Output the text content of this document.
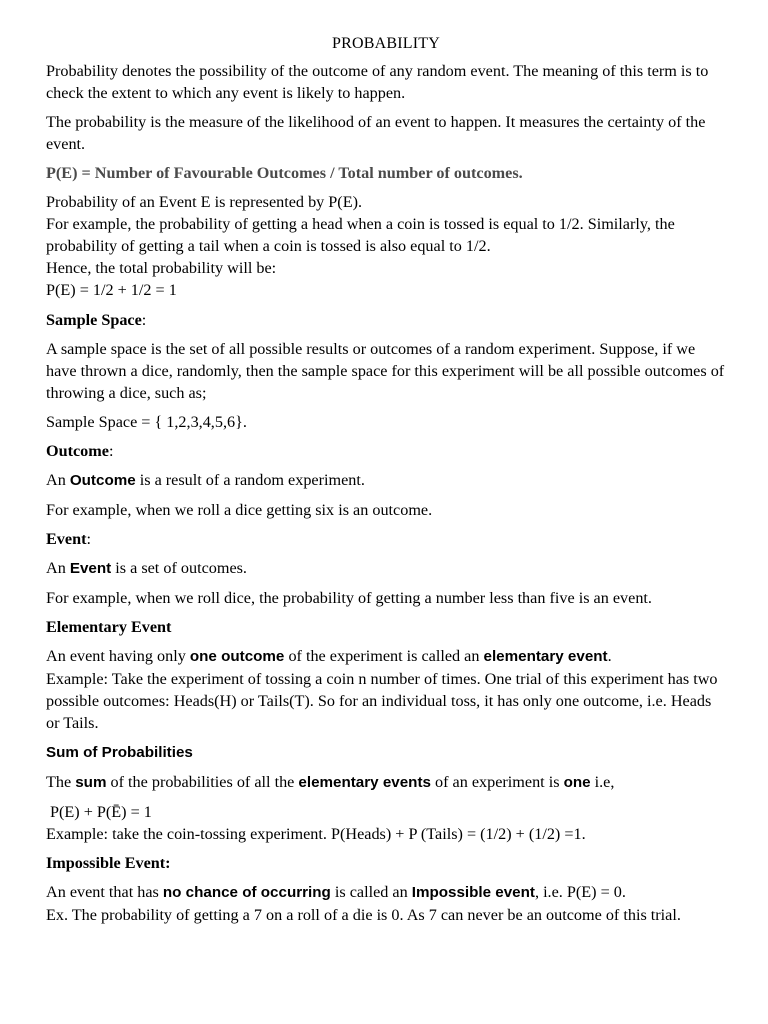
PROBABILITY

Probability denotes the possibility of the outcome of any random event. The meaning of this term is to check the extent to which any event is likely to happen.

The probability is the measure of the likelihood of an event to happen. It measures the certainty of the event.

P(E) = Number of Favourable Outcomes / Total number of outcomes.

Probability of an Event E is represented by P(E).

For example, the probability of getting a head when a coin is tossed is equal to 1/2. Similarly, the probability of getting a tail when a coin is tossed is also equal to 1/2.

Hence, the total probability will be:

P(E) = 1/2 + 1/2 = 1

Sample Space:

A sample space is the set of all possible results or outcomes of a random experiment. Suppose, if we have thrown a dice, randomly, then the sample space for this experiment will be all possible outcomes of throwing a dice, such as;

Sample Space = { 1,2,3,4,5,6}.

Outcome:

An Outcome is a result of a random experiment.

For example, when we roll a dice getting six is an outcome.

Event:

An Event is a set of outcomes.

For example, when we roll dice, the probability of getting a number less than five is an event.

Elementary Event

An event having only one outcome of the experiment is called an elementary event.

Example: Take the experiment of tossing a coin n number of times. One trial of this experiment has two possible outcomes: Heads(H) or Tails(T). So for an individual toss, it has only one outcome, i.e. Heads or Tails.

Sum of Probabilities

The sum of the probabilities of all the elementary events of an experiment is one i.e,

P(E) + P(Ē) = 1

Example: take the coin-tossing experiment. P(Heads) + P (Tails) = (1/2) + (1/2) =1.

Impossible Event:

An event that has no chance of occurring is called an Impossible event, i.e. P(E) = 0.

Ex. The probability of getting a 7 on a roll of a die is 0. As 7 can never be an outcome of this trial.
